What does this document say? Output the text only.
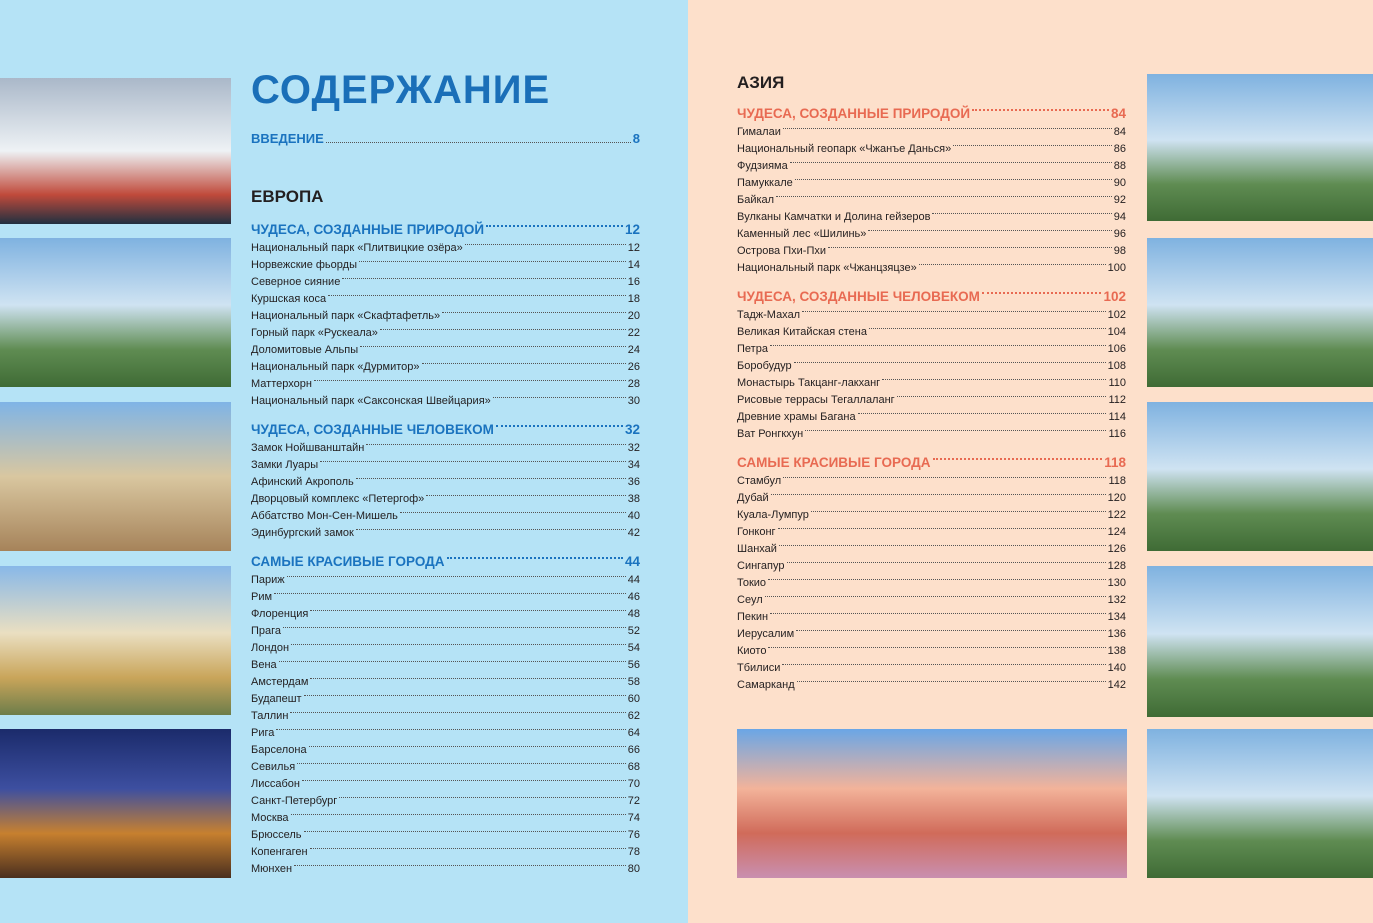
СОДЕРЖАНИЕ
ВВЕДЕНИЕ	8
ЕВРОПА
АЗИЯ
ЧУДЕСА, СОЗДАННЫЕ ПРИРОДОЙ	12
Национальный парк «Плитвицкие озёра»	12
Норвежские фьорды	14
Северное сияние	16
Куршская коса	18
Национальный парк «Скафтафетль»	20
Горный парк «Рускеала»	22
Доломитовые Альпы	24
Национальный парк «Дурмитор»	26
Маттерхорн	28
Национальный парк «Саксонская Швейцария»	30
ЧУДЕСА, СОЗДАННЫЕ ЧЕЛОВЕКОМ	32
Замок Нойшванштайн	32
Замки Луары	34
Афинский Акрополь	36
Дворцовый комплекс «Петергоф»	38
Аббатство Мон-Сен-Мишель	40
Эдинбургский замок	42
САМЫЕ КРАСИВЫЕ ГОРОДА	44
Париж	44
Рим	46
Флоренция	48
Прага	52
Лондон	54
Вена	56
Амстердам	58
Будапешт	60
Таллин	62
Рига	64
Барселона	66
Севилья	68
Лиссабон	70
Санкт-Петербург	72
Москва	74
Брюссель	76
Копенгаген	78
Мюнхен	80
ЧУДЕСА, СОЗДАННЫЕ ПРИРОДОЙ	84
Гималаи	84
Национальный геопарк «Чжанъе Данься»	86
Фудзияма	88
Памуккале	90
Байкал	92
Вулканы Камчатки и Долина гейзеров	94
Каменный лес «Шилинь»	96
Острова Пхи-Пхи	98
Национальный парк «Чжанцзяцзе»	100
ЧУДЕСА, СОЗДАННЫЕ ЧЕЛОВЕКОМ	102
Тадж-Махал	102
Великая Китайская стена	104
Петра	106
Боробудур	108
Монастырь Такцанг-лакханг	110
Рисовые террасы Тегаллаланг	112
Древние храмы Багана	114
Ват Ронгкхун	116
САМЫЕ КРАСИВЫЕ ГОРОДА	118
Стамбул	118
Дубай	120
Куала-Лумпур	122
Гонконг	124
Шанхай	126
Сингапур	128
Токио	130
Сеул	132
Пекин	134
Иерусалим	136
Киото	138
Тбилиси	140
Самарканд	142
